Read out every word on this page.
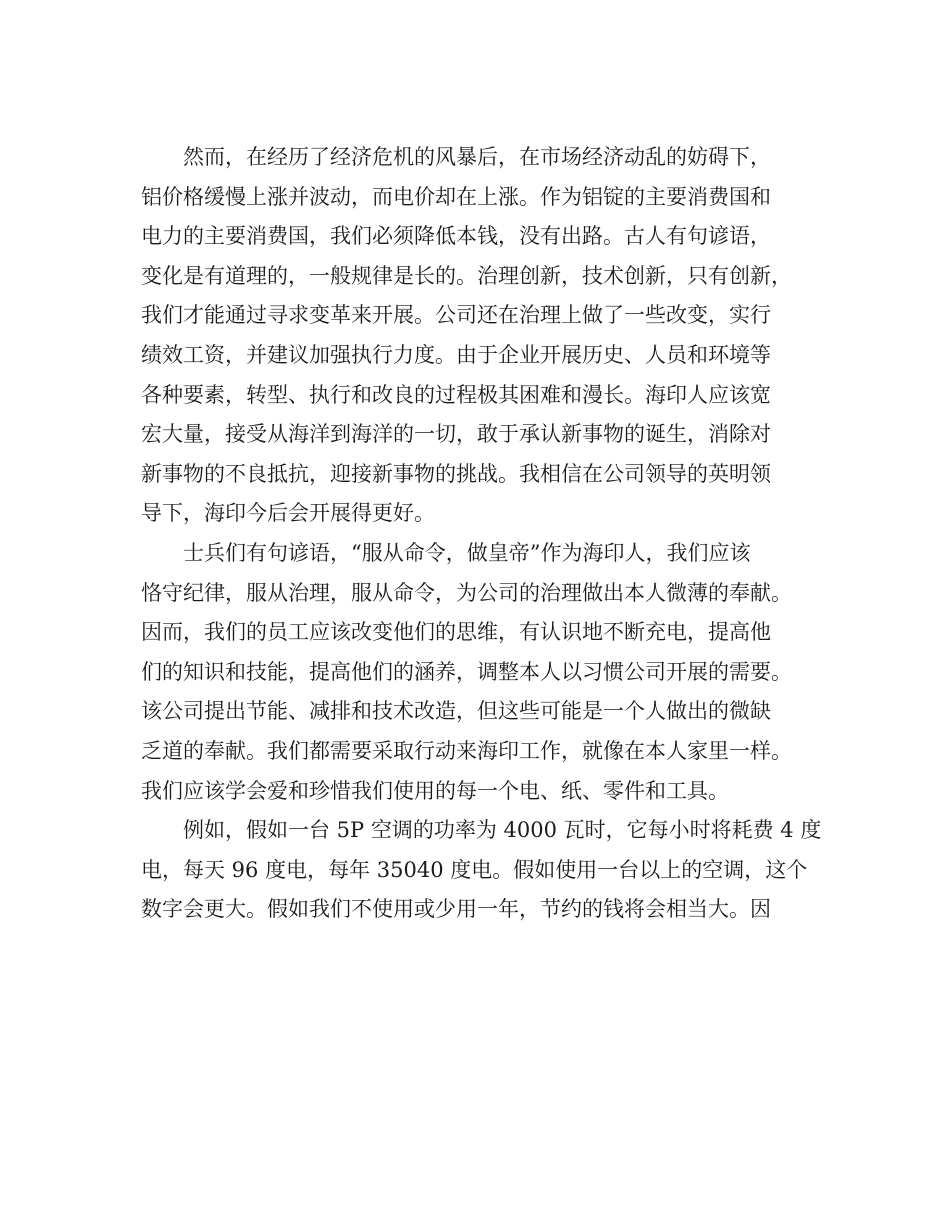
然而，在经历了经济危机的风暴后，在市场经济动乱的妨碍下，
铝价格缓慢上涨并波动，而电价却在上涨。作为铝锭的主要消费国和
电力的主要消费国，我们必须降低本钱，没有出路。古人有句谚语，
变化是有道理的，一般规律是长的。治理创新，技术创新，只有创新，
我们才能通过寻求变革来开展。公司还在治理上做了一些改变，实行
绩效工资，并建议加强执行力度。由于企业开展历史、人员和环境等
各种要素，转型、执行和改良的过程极其困难和漫长。海印人应该宽
宏大量，接受从海洋到海洋的一切，敢于承认新事物的诞生，消除对
新事物的不良抵抗，迎接新事物的挑战。我相信在公司领导的英明领
导下，海印今后会开展得更好。
士兵们有句谚语，“服从命令，做皇帝”作为海印人，我们应该
恪守纪律，服从治理，服从命令，为公司的治理做出本人微薄的奉献。
因而，我们的员工应该改变他们的思维，有认识地不断充电，提高他
们的知识和技能，提高他们的涵养，调整本人以习惯公司开展的需要。
该公司提出节能、减排和技术改造，但这些可能是一个人做出的微缺
乏道的奉献。我们都需要采取行动来海印工作，就像在本人家里一样。
我们应该学会爱和珍惜我们使用的每一个电、纸、零件和工具。
例如，假如一台 5P 空调的功率为 4000 瓦时，它每小时将耗费 4 度
电，每天 96 度电，每年 35040 度电。假如使用一台以上的空调，这个
数字会更大。假如我们不使用或少用一年，节约的钱将会相当大。因
